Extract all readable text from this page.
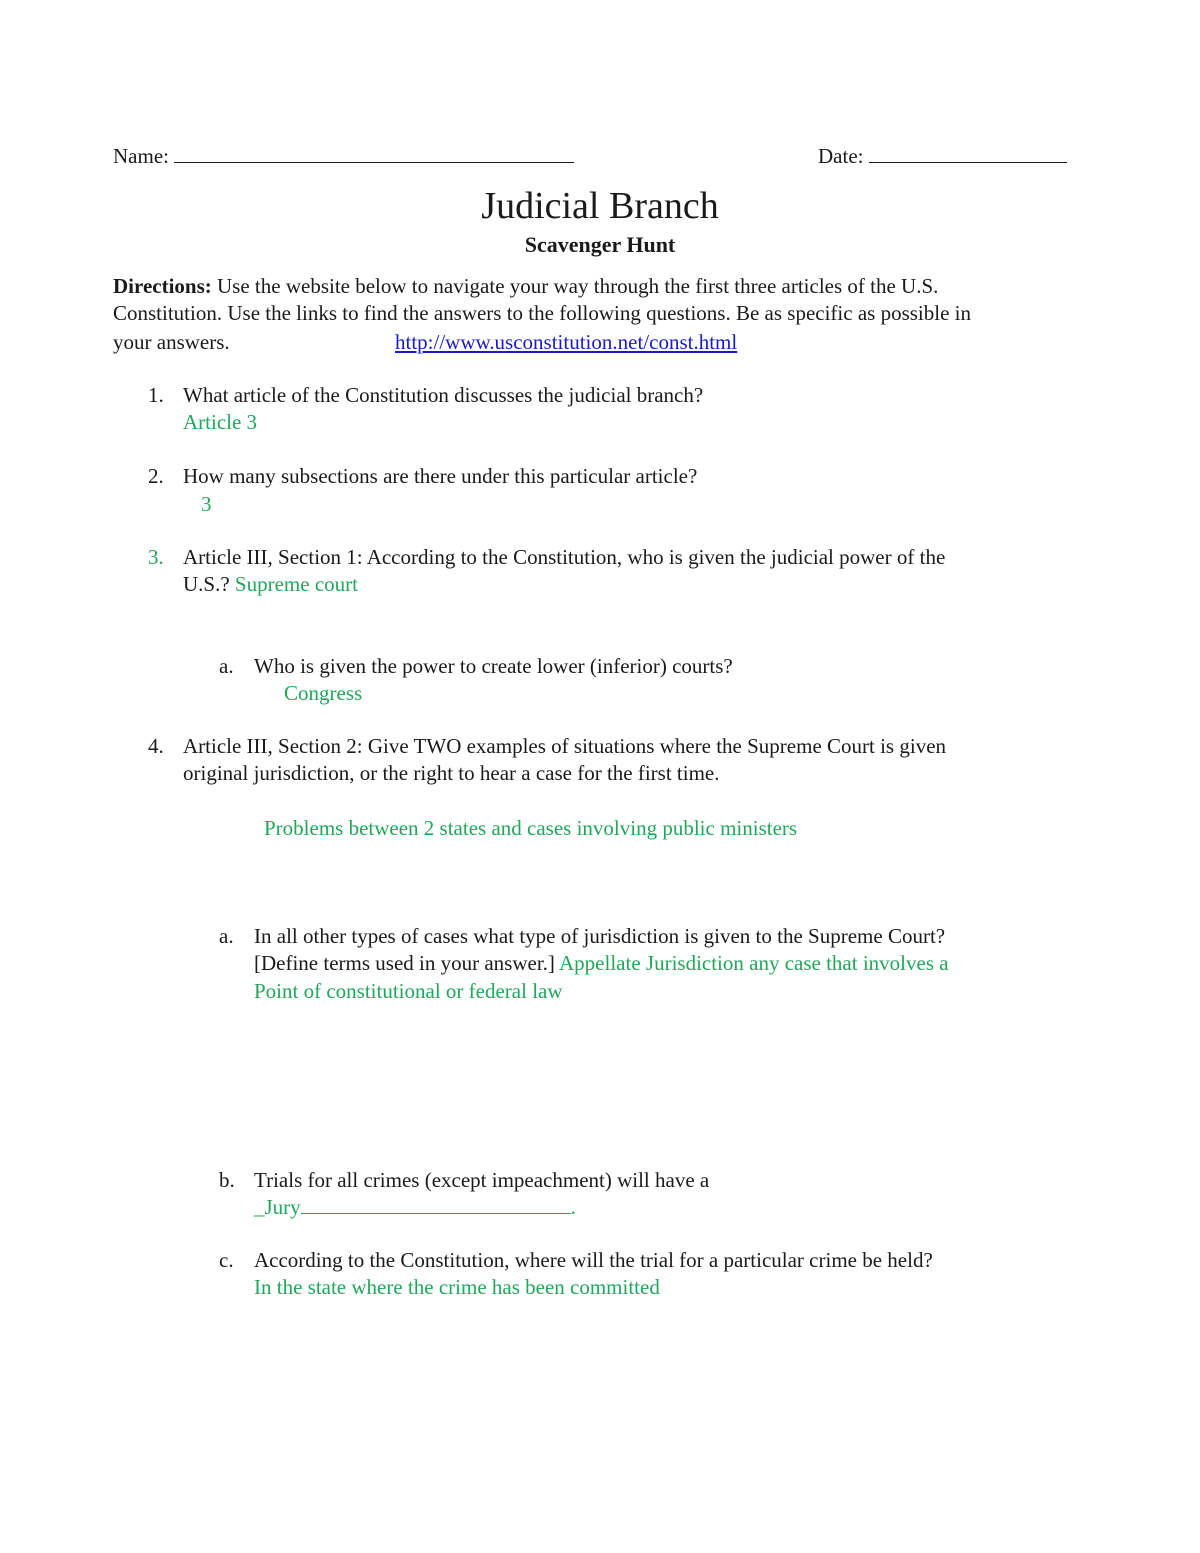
Name:	Date:
Judicial Branch
Scavenger Hunt
Directions: Use the website below to navigate your way through the first three articles of the U.S.
Constitution. Use the links to find the answers to the following questions. Be as specific as possible in
your answers.	http://www.usconstitution.net/const.html
1. What article of the Constitution discusses the judicial branch?
Article 3
2. How many subsections are there under this particular article?
3
3. Article III, Section 1: According to the Constitution, who is given the judicial power of the
U.S.? Supreme court
a. Who is given the power to create lower (inferior) courts?
Congress
4. Article III, Section 2: Give TWO examples of situations where the Supreme Court is given
original jurisdiction, or the right to hear a case for the first time.
Problems between 2 states and cases involving public ministers
a. In all other types of cases what type of jurisdiction is given to the Supreme Court?
[Define terms used in your answer.] Appellate Jurisdiction any case that involves a
Point of constitutional or federal law
b. Trials for all crimes (except impeachment) will have a
_Jury	.
c. According to the Constitution, where will the trial for a particular crime be held?
In the state where the crime has been committed
